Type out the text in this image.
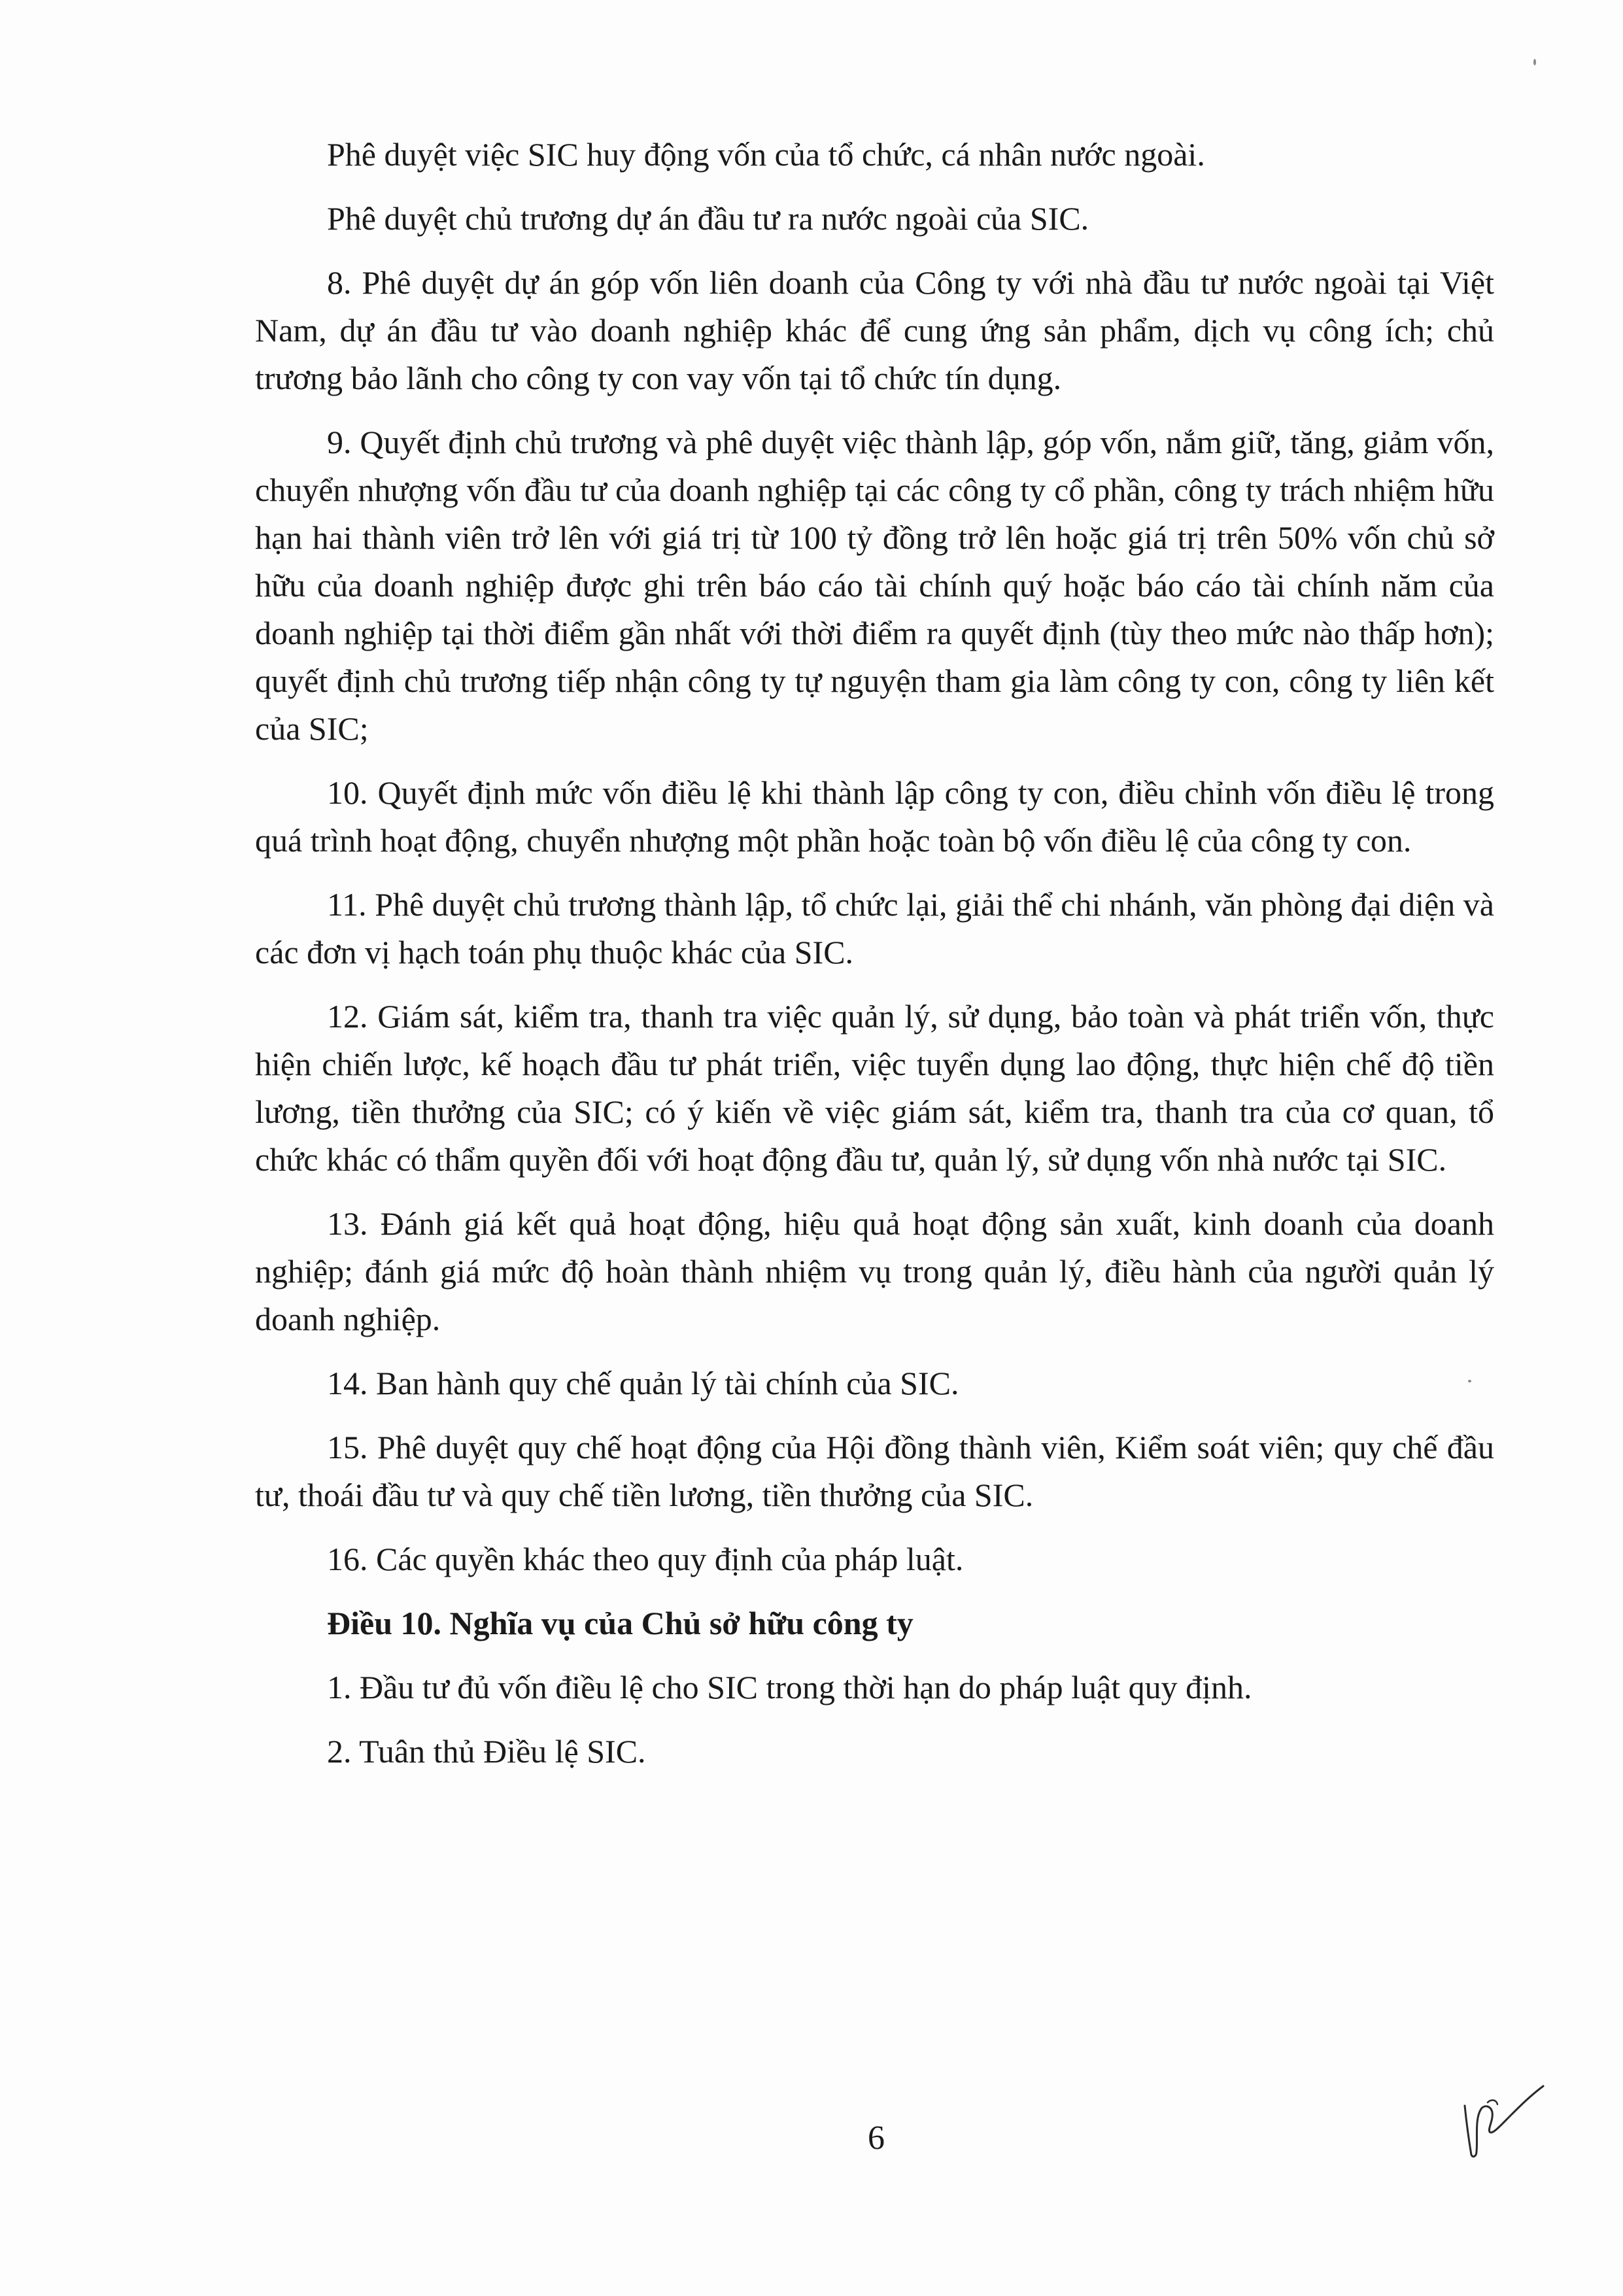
Phê duyệt việc SIC huy động vốn của tổ chức, cá nhân nước ngoài.

Phê duyệt chủ trương dự án đầu tư ra nước ngoài của SIC.

8. Phê duyệt dự án góp vốn liên doanh của Công ty với nhà đầu tư nước ngoài tại Việt Nam, dự án đầu tư vào doanh nghiệp khác để cung ứng sản phẩm, dịch vụ công ích; chủ trương bảo lãnh cho công ty con vay vốn tại tổ chức tín dụng.

9. Quyết định chủ trương và phê duyệt việc thành lập, góp vốn, nắm giữ, tăng, giảm vốn, chuyển nhượng vốn đầu tư của doanh nghiệp tại các công ty cổ phần, công ty trách nhiệm hữu hạn hai thành viên trở lên với giá trị từ 100 tỷ đồng trở lên hoặc giá trị trên 50% vốn chủ sở hữu của doanh nghiệp được ghi trên báo cáo tài chính quý hoặc báo cáo tài chính năm của doanh nghiệp tại thời điểm gần nhất với thời điểm ra quyết định (tùy theo mức nào thấp hơn); quyết định chủ trương tiếp nhận công ty tự nguyện tham gia làm công ty con, công ty liên kết của SIC;

10. Quyết định mức vốn điều lệ khi thành lập công ty con, điều chỉnh vốn điều lệ trong quá trình hoạt động, chuyển nhượng một phần hoặc toàn bộ vốn điều lệ của công ty con.

11. Phê duyệt chủ trương thành lập, tổ chức lại, giải thể chi nhánh, văn phòng đại diện và các đơn vị hạch toán phụ thuộc khác của SIC.

12. Giám sát, kiểm tra, thanh tra việc quản lý, sử dụng, bảo toàn và phát triển vốn, thực hiện chiến lược, kế hoạch đầu tư phát triển, việc tuyển dụng lao động, thực hiện chế độ tiền lương, tiền thưởng của SIC; có ý kiến về việc giám sát, kiểm tra, thanh tra của cơ quan, tổ chức khác có thẩm quyền đối với hoạt động đầu tư, quản lý, sử dụng vốn nhà nước tại SIC.

13. Đánh giá kết quả hoạt động, hiệu quả hoạt động sản xuất, kinh doanh của doanh nghiệp; đánh giá mức độ hoàn thành nhiệm vụ trong quản lý, điều hành của người quản lý doanh nghiệp.

14. Ban hành quy chế quản lý tài chính của SIC.

15. Phê duyệt quy chế hoạt động của Hội đồng thành viên, Kiểm soát viên; quy chế đầu tư, thoái đầu tư và quy chế tiền lương, tiền thưởng của SIC.

16. Các quyền khác theo quy định của pháp luật.

Điều 10. Nghĩa vụ của Chủ sở hữu công ty

1. Đầu tư đủ vốn điều lệ cho SIC trong thời hạn do pháp luật quy định.

2. Tuân thủ Điều lệ SIC.

6
